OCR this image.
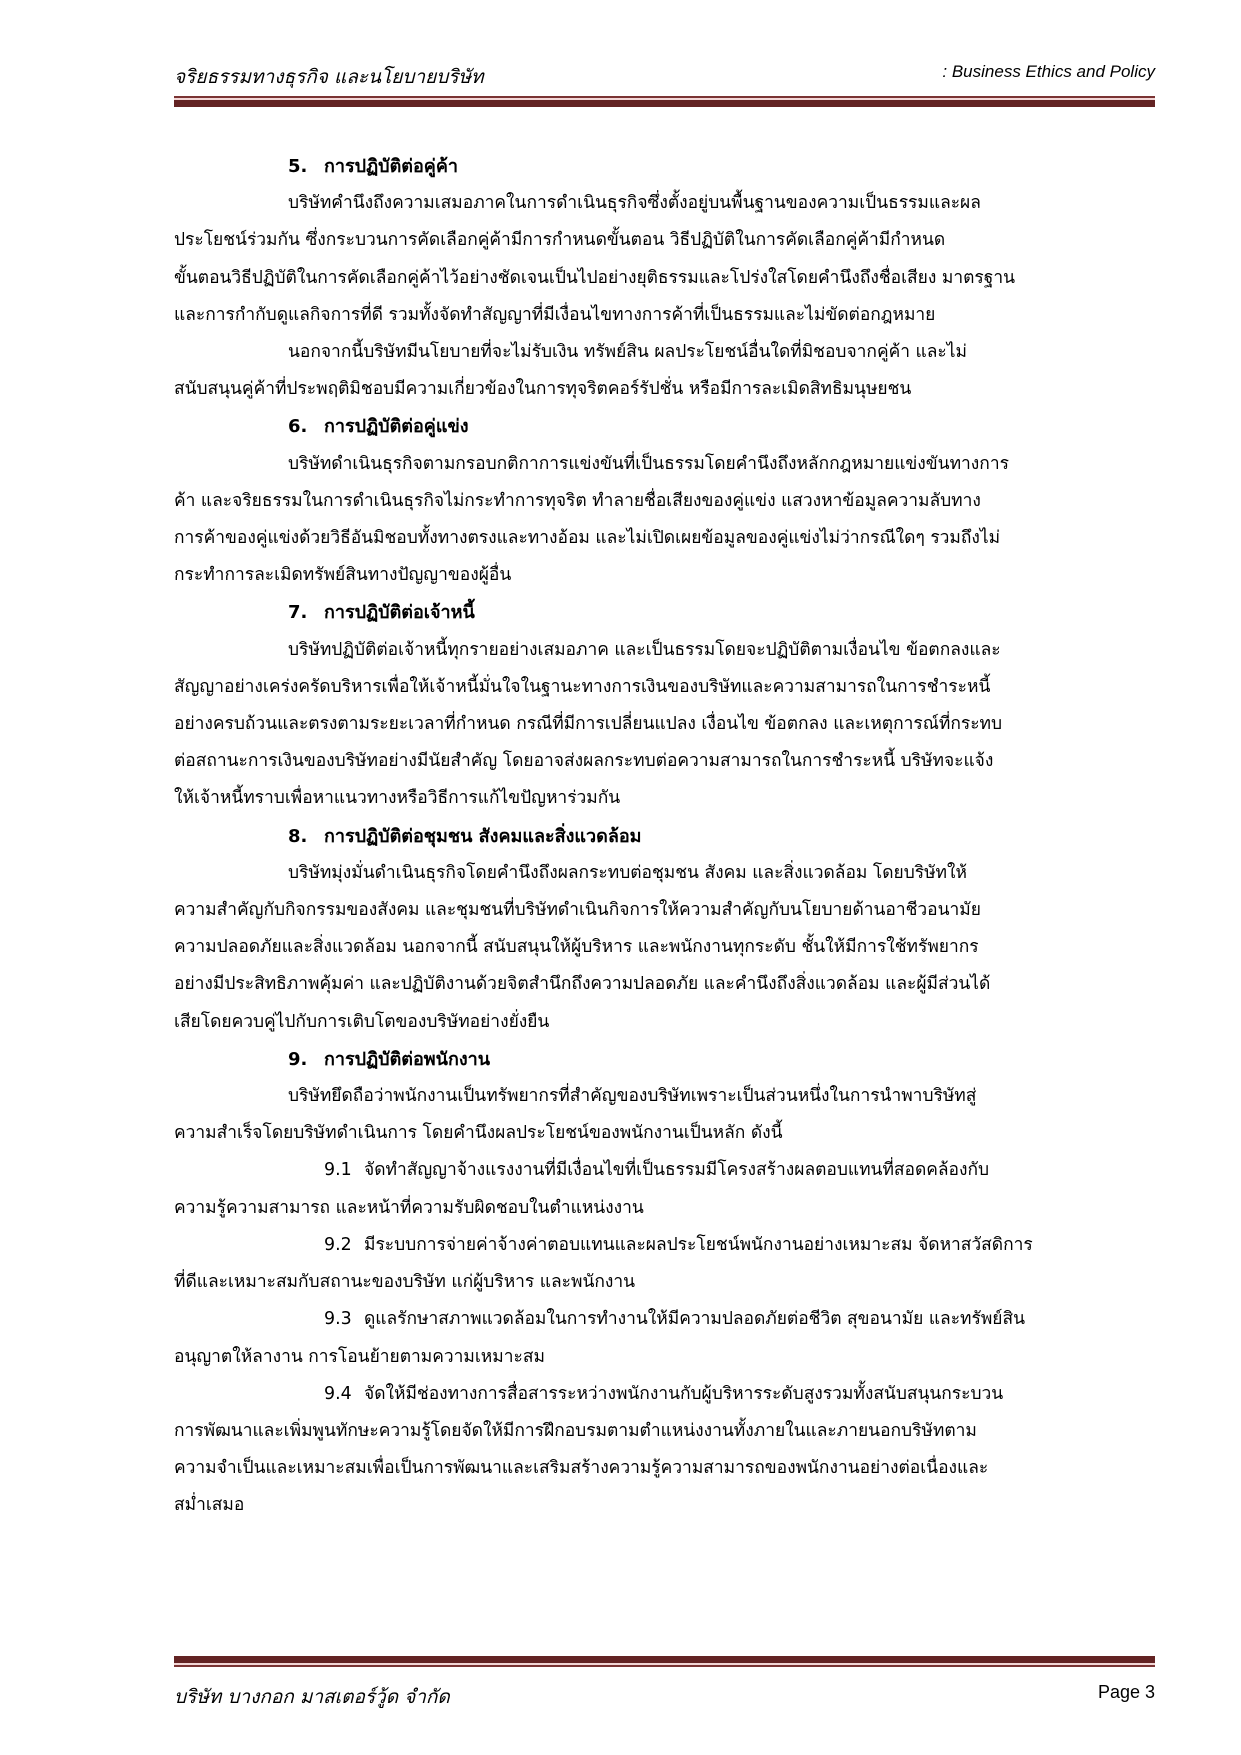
จริยธรรมทางธุรกิจ และนโยบายบริษัท	: Business Ethics and Policy

5. การปฏิบัติต่อคู่ค้า

บริษัทคำนึงถึงความเสมอภาคในการดำเนินธุรกิจซึ่งตั้งอยู่บนพื้นฐานของความเป็นธรรมและผล
ประโยชน์ร่วมกัน ซึ่งกระบวนการคัดเลือกคู่ค้ามีการกำหนดขั้นตอน วิธีปฏิบัติในการคัดเลือกคู่ค้ามีกำหนด
ขั้นตอนวิธีปฏิบัติในการคัดเลือกคู่ค้าไว้อย่างชัดเจนเป็นไปอย่างยุติธรรมและโปร่งใสโดยคำนึงถึงชื่อเสียง มาตรฐาน
และการกำกับดูแลกิจการที่ดี รวมทั้งจัดทำสัญญาที่มีเงื่อนไขทางการค้าที่เป็นธรรมและไม่ขัดต่อกฎหมาย

นอกจากนี้บริษัทมีนโยบายที่จะไม่รับเงิน ทรัพย์สิน ผลประโยชน์อื่นใดที่มิชอบจากคู่ค้า และไม่
สนับสนุนคู่ค้าที่ประพฤติมิชอบมีความเกี่ยวข้องในการทุจริตคอร์รัปชั่น หรือมีการละเมิดสิทธิมนุษยชน

6. การปฏิบัติต่อคู่แข่ง

บริษัทดำเนินธุรกิจตามกรอบกติกาการแข่งขันที่เป็นธรรมโดยคำนึงถึงหลักกฎหมายแข่งขันทางการ
ค้า และจริยธรรมในการดำเนินธุรกิจไม่กระทำการทุจริต ทำลายชื่อเสียงของคู่แข่ง แสวงหาข้อมูลความลับทาง
การค้าของคู่แข่งด้วยวิธีอันมิชอบทั้งทางตรงและทางอ้อม และไม่เปิดเผยข้อมูลของคู่แข่งไม่ว่ากรณีใดๆ รวมถึงไม่
กระทำการละเมิดทรัพย์สินทางปัญญาของผู้อื่น

7. การปฏิบัติต่อเจ้าหนี้

บริษัทปฏิบัติต่อเจ้าหนี้ทุกรายอย่างเสมอภาค และเป็นธรรมโดยจะปฏิบัติตามเงื่อนไข ข้อตกลงและ
สัญญาอย่างเคร่งครัดบริหารเพื่อให้เจ้าหนี้มั่นใจในฐานะทางการเงินของบริษัทและความสามารถในการชำระหนี้
อย่างครบถ้วนและตรงตามระยะเวลาที่กำหนด กรณีที่มีการเปลี่ยนแปลง เงื่อนไข ข้อตกลง และเหตุการณ์ที่กระทบ
ต่อสถานะการเงินของบริษัทอย่างมีนัยสำคัญ โดยอาจส่งผลกระทบต่อความสามารถในการชำระหนี้ บริษัทจะแจ้ง
ให้เจ้าหนี้ทราบเพื่อหาแนวทางหรือวิธีการแก้ไขปัญหาร่วมกัน

8. การปฏิบัติต่อชุมชน สังคมและสิ่งแวดล้อม

บริษัทมุ่งมั่นดำเนินธุรกิจโดยคำนึงถึงผลกระทบต่อชุมชน สังคม และสิ่งแวดล้อม โดยบริษัทให้
ความสำคัญกับกิจกรรมของสังคม และชุมชนที่บริษัทดำเนินกิจการให้ความสำคัญกับนโยบายด้านอาชีวอนามัย
ความปลอดภัยและสิ่งแวดล้อม นอกจากนี้ สนับสนุนให้ผู้บริหาร และพนักงานทุกระดับ ชั้นให้มีการใช้ทรัพยากร
อย่างมีประสิทธิภาพคุ้มค่า และปฏิบัติงานด้วยจิตสำนึกถึงความปลอดภัย และคำนึงถึงสิ่งแวดล้อม และผู้มีส่วนได้
เสียโดยควบคู่ไปกับการเติบโตของบริษัทอย่างยั่งยืน

9. การปฏิบัติต่อพนักงาน

บริษัทยึดถือว่าพนักงานเป็นทรัพยากรที่สำคัญของบริษัทเพราะเป็นส่วนหนึ่งในการนำพาบริษัทสู่
ความสำเร็จโดยบริษัทดำเนินการ โดยคำนึงผลประโยชน์ของพนักงานเป็นหลัก ดังนี้

9.1 จัดทำสัญญาจ้างแรงงานที่มีเงื่อนไขที่เป็นธรรมมีโครงสร้างผลตอบแทนที่สอดคล้องกับ
ความรู้ความสามารถ และหน้าที่ความรับผิดชอบในตำแหน่งงาน

9.2 มีระบบการจ่ายค่าจ้างค่าตอบแทนและผลประโยชน์พนักงานอย่างเหมาะสม จัดหาสวัสดิการ
ที่ดีและเหมาะสมกับสถานะของบริษัท แก่ผู้บริหาร และพนักงาน

9.3 ดูแลรักษาสภาพแวดล้อมในการทำงานให้มีความปลอดภัยต่อชีวิต สุขอนามัย และทรัพย์สิน
อนุญาตให้ลางาน การโอนย้ายตามความเหมาะสม

9.4 จัดให้มีช่องทางการสื่อสารระหว่างพนักงานกับผู้บริหารระดับสูงรวมทั้งสนับสนุนกระบวน
การพัฒนาและเพิ่มพูนทักษะความรู้โดยจัดให้มีการฝึกอบรมตามตำแหน่งงานทั้งภายในและภายนอกบริษัทตาม
ความจำเป็นและเหมาะสมเพื่อเป็นการพัฒนาและเสริมสร้างความรู้ความสามารถของพนักงานอย่างต่อเนื่องและ
สม่ำเสมอ

บริษัท บางกอก มาสเตอร์วู้ด จำกัด	Page 3
